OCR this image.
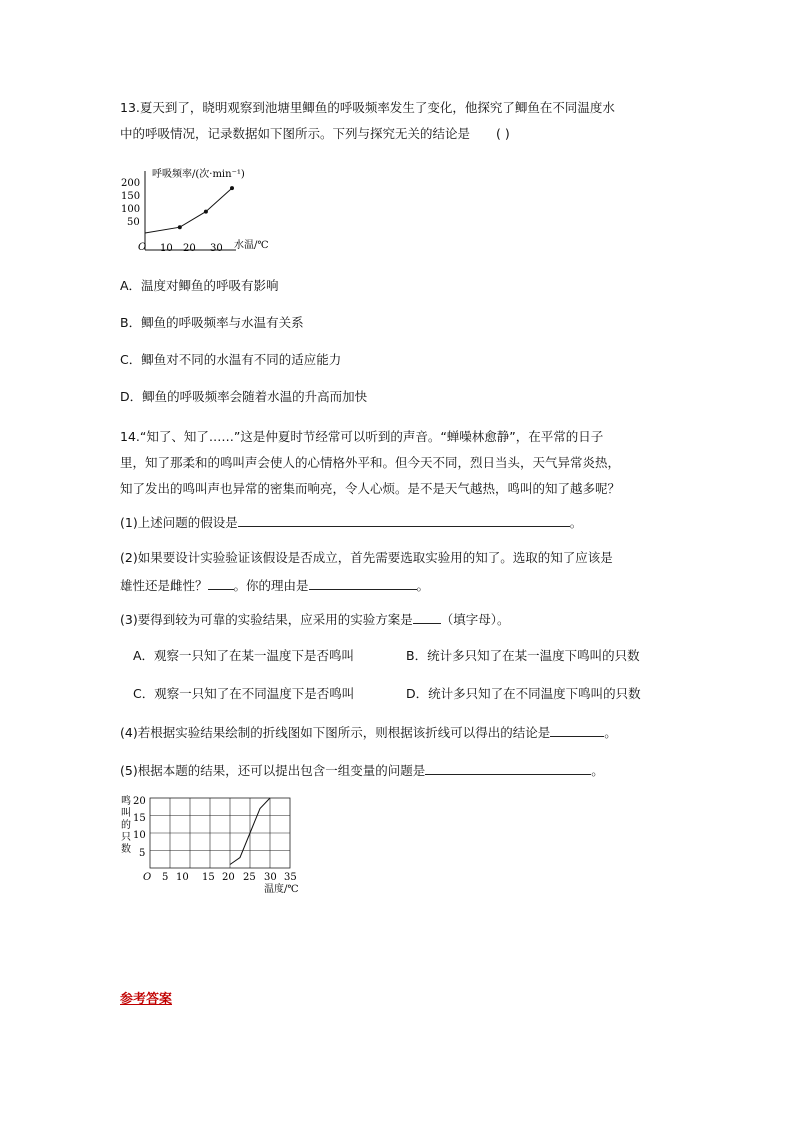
13.夏天到了，晓明观察到池塘里鲫鱼的呼吸频率发生了变化，他探究了鲫鱼在不同温度水
中的呼吸情况，记录数据如下图所示。下列与探究无关的结论是 ( )
呼吸频率/(次·min⁻¹)
水温/℃
O
200
150
100
50
10 20 30
A．温度对鲫鱼的呼吸有影响
B．鲫鱼的呼吸频率与水温有关系
C．鲫鱼对不同的水温有不同的适应能力
D．鲫鱼的呼吸频率会随着水温的升高而加快
14.“知了、知了……”这是仲夏时节经常可以听到的声音。“蝉噪林愈静”，在平常的日子
里，知了那柔和的鸣叫声会使人的心情格外平和。但今天不同，烈日当头，天气异常炎热，
知了发出的鸣叫声也异常的密集而响亮，令人心烦。是不是天气越热，鸣叫的知了越多呢？
(1)上述问题的假设是	。
(2)如果要设计实验验证该假设是否成立，首先需要选取实验用的知了。选取的知了应该是
雄性还是雌性？ 。你的理由是	。
(3)要得到较为可靠的实验结果，应采用的实验方案是 （填字母）。
A．观察一只知了在某一温度下是否鸣叫	B．统计多只知了在某一温度下鸣叫的只数
C．观察一只知了在不同温度下是否鸣叫	D．统计多只知了在不同温度下鸣叫的只数
(4)若根据实验结果绘制的折线图如下图所示，则根据该折线可以得出的结论是	。
(5)根据本题的结果，还可以提出包含一组变量的问题是	。
鸣
叫
的
只
数
20
15
10
5
O 5 10 15 20 25 30 35
温度/℃
参考答案
